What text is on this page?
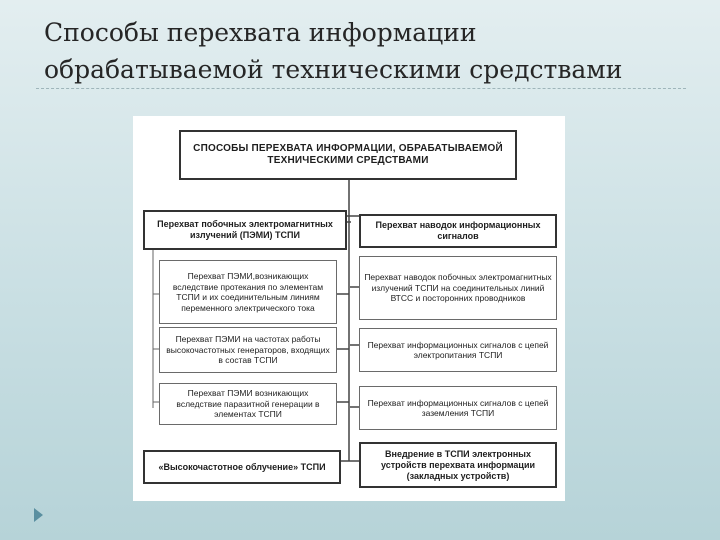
Способы перехвата информации обрабатываемой техническими средствами
СПОСОБЫ ПЕРЕХВАТА ИНФОРМАЦИИ, ОБРАБАТЫВАЕМОЙ ТЕХНИЧЕСКИМИ СРЕДСТВАМИ
Перехват побочных электромагнитных излучений (ПЭМИ) ТСПИ
Перехват ПЭМИ,возникающих вследствие протекания по элементам ТСПИ и их соединительным линиям переменного электрического тока
Перехват ПЭМИ на частотах работы высокочастотных генераторов, входящих в состав ТСПИ
Перехват ПЭМИ возникающих вследствие паразитной генерации в элементах ТСПИ
«Высокочастотное облучение» ТСПИ
Перехват наводок информационных сигналов
Перехват наводок побочных электромагнитных излучений ТСПИ на соединительных линий ВТСС и посторонних проводников
Перехват информационных сигналов с цепей электропитания ТСПИ
Перехват информационных сигналов с цепей заземления ТСПИ
Внедрение в ТСПИ электронных устройств перехвата информации (закладных устройств)
